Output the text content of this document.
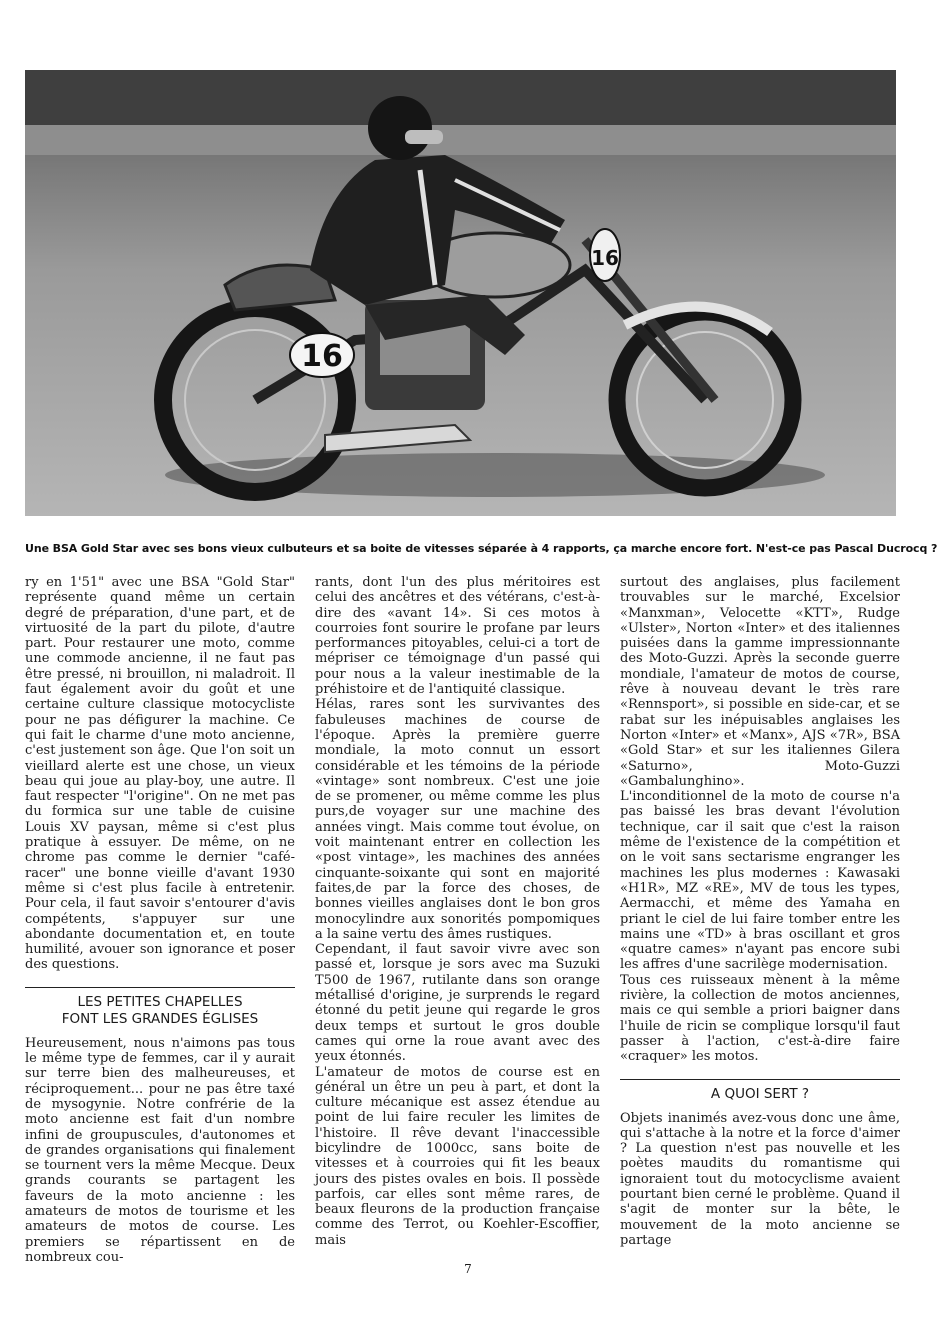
16
16
Une BSA Gold Star avec ses bons vieux culbuteurs et sa boite de vitesses séparée à 4 rapports, ça marche encore fort. N'est-ce pas Pascal Ducrocq ?

ry en 1'51" avec une BSA "Gold Star" représente quand même un certain degré de préparation, d'une part, et de virtuosité de la part du pilote, d'autre part. Pour restaurer une moto, comme une commode ancienne, il ne faut pas être pressé, ni brouillon, ni maladroit. Il faut également avoir du goût et une certaine culture classique motocycliste pour ne pas défigurer la machine. Ce qui fait le charme d'une moto ancienne, c'est justement son âge. Que l'on soit un vieillard alerte est une chose, un vieux beau qui joue au play-boy, une autre. Il faut respecter "l'origine". On ne met pas du formica sur une table de cuisine Louis XV paysan, même si c'est plus pratique à essuyer. De même, on ne chrome pas comme le dernier "café-racer" une bonne vieille d'avant 1930 même si c'est plus facile à entretenir. Pour cela, il faut savoir s'entourer d'avis compétents, s'appuyer sur une abondante documentation et, en toute humilité, avouer son ignorance et poser des questions.

LES PETITES CHAPELLES
FONT LES GRANDES ÉGLISES

Heureusement, nous n'aimons pas tous le même type de femmes, car il y aurait sur terre bien des malheureuses, et réciproquement... pour ne pas être taxé de mysogynie. Notre confrérie de la moto ancienne est fait d'un nombre infini de groupuscules, d'autonomes et de grandes organisations qui finalement se tournent vers la même Mecque. Deux grands courants se partagent les faveurs de la moto ancienne : les amateurs de motos de tourisme et les amateurs de motos de course. Les premiers se répartissent en de nombreux cou-

rants, dont l'un des plus méritoires est celui des ancêtres et des vétérans, c'est-à-dire des «avant 14». Si ces motos à courroies font sourire le profane par leurs performances pitoyables, celui-ci a tort de mépriser ce témoignage d'un passé qui pour nous a la valeur inestimable de la préhistoire et de l'antiquité classique.

Hélas, rares sont les survivantes des fabuleuses machines de course de l'époque. Après la première guerre mondiale, la moto connut un essort considérable et les témoins de la période «vintage» sont nombreux. C'est une joie de se promener, ou même comme les plus purs,de voyager sur une machine des années vingt. Mais comme tout évolue, on voit maintenant entrer en collection les «post vintage», les machines des années cinquante-soixante qui sont en majorité faites,de par la force des choses, de bonnes vieilles anglaises dont le bon gros monocylindre aux sonorités pompomiques a la saine vertu des âmes rustiques.

Cependant, il faut savoir vivre avec son passé et, lorsque je sors avec ma Suzuki T500 de 1967, rutilante dans son orange métallisé d'origine, je surprends le regard étonné du petit jeune qui regarde le gros deux temps et surtout le gros double cames qui orne la roue avant avec des yeux étonnés.

L'amateur de motos de course est en général un être un peu à part, et dont la culture mécanique est assez étendue au point de lui faire reculer les limites de l'histoire. Il rêve devant l'inaccessible bicylindre de 1000cc, sans boite de vitesses et à courroies qui fit les beaux jours des pistes ovales en bois. Il possède parfois, car elles sont même rares, de beaux fleurons de la production française comme des Terrot, ou Koehler-Escoffier, mais

surtout des anglaises, plus facilement trouvables sur le marché, Excelsior «Manxman», Velocette «KTT», Rudge «Ulster», Norton «Inter» et des italiennes puisées dans la gamme impressionnante des Moto-Guzzi. Après la seconde guerre mondiale, l'amateur de motos de course, rêve à nouveau devant le très rare «Rennsport», si possible en side-car, et se rabat sur les inépuisables anglaises les Norton «Inter» et «Manx», AJS «7R», BSA «Gold Star» et sur les italiennes Gilera «Saturno», Moto-Guzzi «Gambalunghino».

L'inconditionnel de la moto de course n'a pas baissé les bras devant l'évolution technique, car il sait que c'est la raison même de l'existence de la compétition et on le voit sans sectarisme engranger les machines les plus modernes : Kawasaki «H1R», MZ «RE», MV de tous les types, Aermacchi, et même des Yamaha en priant le ciel de lui faire tomber entre les mains une «TD» à bras oscillant et gros «quatre cames» n'ayant pas encore subi les affres d'une sacrilège modernisation.

Tous ces ruisseaux mènent à la même rivière, la collection de motos anciennes, mais ce qui semble a priori baigner dans l'huile de ricin se complique lorsqu'il faut passer à l'action, c'est-à-dire faire «craquer» les motos.

A QUOI SERT ?

Objets inanimés avez-vous donc une âme, qui s'attache à la notre et la force d'aimer ? La question n'est pas nouvelle et les poètes maudits du romantisme qui ignoraient tout du motocyclisme avaient pourtant bien cerné le problème. Quand il s'agit de monter sur la bête, le mouvement de la moto ancienne se partage

7
